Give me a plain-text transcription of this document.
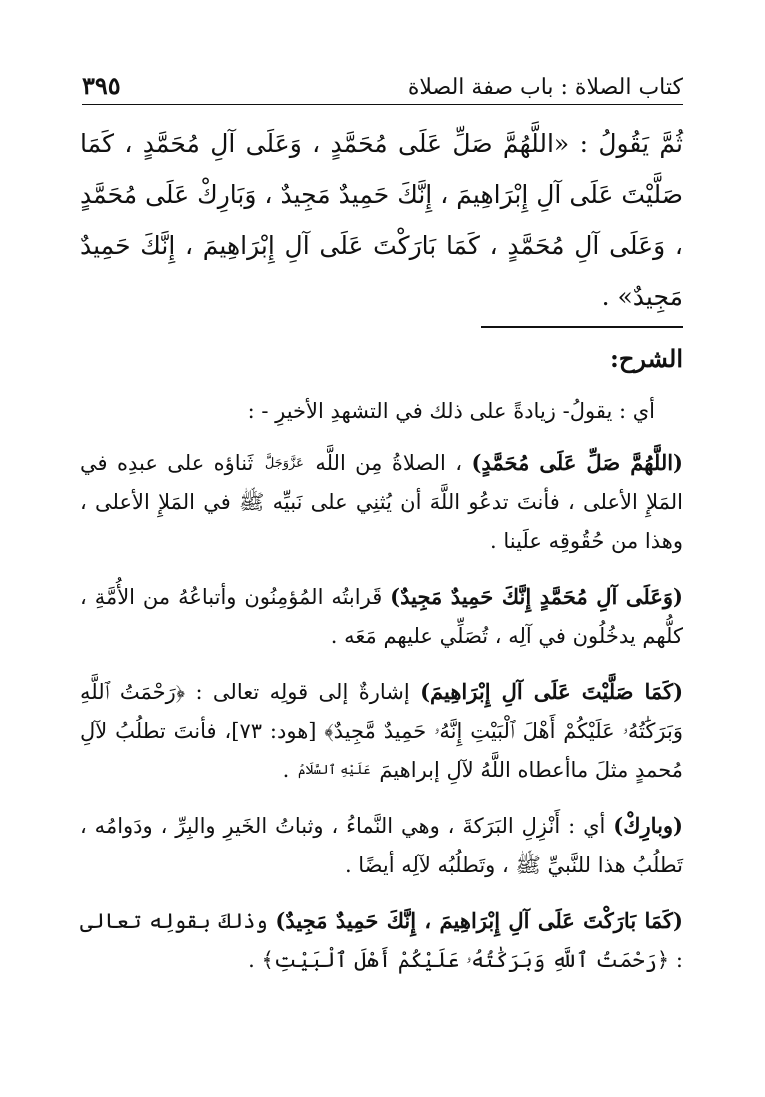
كتاب الصلاة : باب صفة الصلاة
٣٩٥
ثُمَّ يَقُولُ : «اللَّهُمَّ صَلِّ عَلَى مُحَمَّدٍ ، وَعَلَى آلِ مُحَمَّدٍ ، كَمَا صَلَّيْتَ عَلَى آلِ إِبْرَاهِيمَ ، إِنَّكَ حَمِيدٌ مَجِيدٌ ، وَبَارِكْ عَلَى مُحَمَّدٍ ، وَعَلَى آلِ مُحَمَّدٍ ، كَمَا بَارَكْتَ عَلَى آلِ إِبْرَاهِيمَ ، إِنَّكَ حَمِيدٌ مَجِيدٌ» .
الشرح:

أي : يقولُ- زيادةً على ذلك في التشهدِ الأخيرِ - :

(اللَّهُمَّ صَلِّ عَلَى مُحَمَّدٍ) ، الصلاةُ مِن اللَّه عَزَّوَجَلَّ ثَناؤه على عبدِه في المَلإِ الأعلى ، فأنتَ تدعُو اللَّهَ أن يُثنِي على نَبيِّه ﷺ في المَلإِ الأعلى ، وهذا من حُقُوقِه علَينا .

(وَعَلَى آلِ مُحَمَّدٍ إِنَّكَ حَمِيدٌ مَجِيدٌ) قَرابتُه المُؤمِنُون وأتباعُهُ من الأُمَّةِ ، كلُّهم يدخُلُون في آلِه ، تُصَلِّي عليهم مَعَه .

(كَمَا صَلَّيْتَ عَلَى آلِ إِبْرَاهِيمَ) إشارةٌ إلى قولِه تعالى : ﴿رَحْمَتُ ٱللَّهِ وَبَرَكَٰتُهُۥ عَلَيْكُمْ أَهْلَ ٱلْبَيْتِ إِنَّهُۥ حَمِيدٌ مَّجِيدٌ﴾ [هود: ٧٣]، فأنتَ تطلُبُ لآلِ مُحمدٍ مثلَ ماأعطاه اللَّهُ لآلِ إبراهيمَ عَلَيْهِ ٱلسَّلَامُ .

(وبارِكْ) أي : أَنْزِلِ البَرَكةَ ، وهي النَّماءُ ، وثباتُ الخَيرِ والبِرِّ ، ودَوامُه ، تَطلُبُ هذا للنَّبيِّ ﷺ ، وتَطلُبُه لآلِه أيضًا .

(كَمَا بَارَكْتَ عَلَى آلِ إِبْرَاهِيمَ ، إِنَّكَ حَمِيدٌ مَجِيدٌ) وذلكَ بقولِه تعالى : ﴿رَحْمَتُ ٱللَّهِ وَبَرَكَٰتُهُۥ عَلَيْكُمْ أَهْلَ ٱلْبَيْتِ﴾ .
